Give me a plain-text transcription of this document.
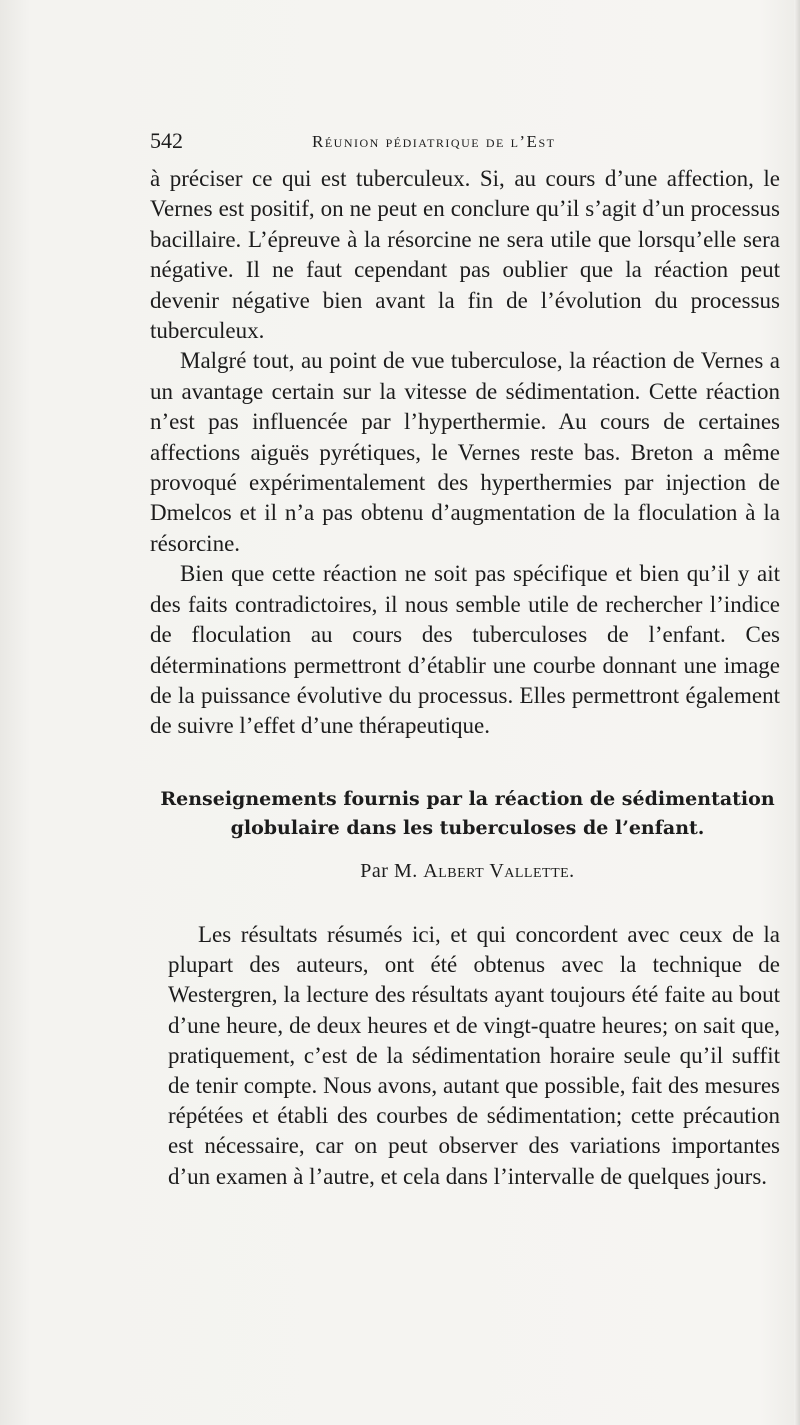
542	Réunion pédiatrique de l’Est

à préciser ce qui est tuberculeux. Si, au cours d’une affection, le Vernes est positif, on ne peut en conclure qu’il s’agit d’un processus bacillaire. L’épreuve à la résorcine ne sera utile que lorsqu’elle sera négative. Il ne faut cependant pas oublier que la réaction peut devenir négative bien avant la fin de l’évolution du processus tuberculeux.

Malgré tout, au point de vue tuberculose, la réaction de Vernes a un avantage certain sur la vitesse de sédimentation. Cette réaction n’est pas influencée par l’hyperthermie. Au cours de certaines affections aiguës pyrétiques, le Vernes reste bas. Breton a même provoqué expérimentalement des hyperthermies par injection de Dmelcos et il n’a pas obtenu d’augmentation de la floculation à la résorcine.

Bien que cette réaction ne soit pas spécifique et bien qu’il y ait des faits contradictoires, il nous semble utile de rechercher l’indice de floculation au cours des tuberculoses de l’enfant. Ces déterminations permettront d’établir une courbe donnant une image de la puissance évolutive du processus. Elles permettront également de suivre l’effet d’une thérapeutique.

Renseignements fournis par la réaction de sédimentation globulaire dans les tuberculoses de l’enfant.
Par M. Albert Vallette.

Les résultats résumés ici, et qui concordent avec ceux de la plupart des auteurs, ont été obtenus avec la technique de Westergren, la lecture des résultats ayant toujours été faite au bout d’une heure, de deux heures et de vingt-quatre heures; on sait que, pratiquement, c’est de la sédimentation horaire seule qu’il suffit de tenir compte. Nous avons, autant que possible, fait des mesures répétées et établi des courbes de sédimentation; cette précaution est nécessaire, car on peut observer des variations importantes d’un examen à l’autre, et cela dans l’intervalle de quelques jours.
